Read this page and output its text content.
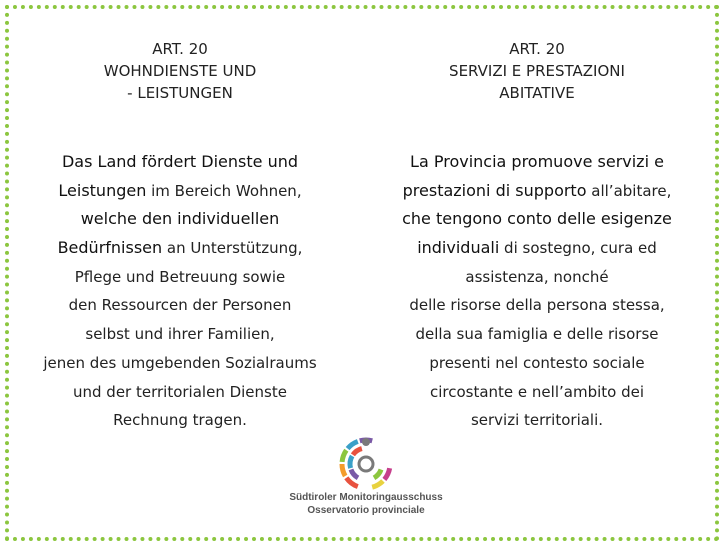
ART. 20
WOHNDIENSTE UND
- LEISTUNGEN
Das Land fördert Dienste und
Leistungen im Bereich Wohnen,
welche den individuellen
Bedürfnissen an Unterstützung,
Pflege und Betreuung sowie
den Ressourcen der Personen
selbst und ihrer Familien,
jenen des umgebenden Sozialraums
und der territorialen Dienste
Rechnung tragen.
ART. 20
SERVIZI E PRESTAZIONI
ABITATIVE
La Provincia promuove servizi e
prestazioni di supporto all’abitare,
che tengono conto delle esigenze
individuali di sostegno, cura ed
assistenza, nonché
delle risorse della persona stessa,
della sua famiglia e delle risorse
presenti nel contesto sociale
circostante e nell’ambito dei
servizi territoriali.
Südtiroler Monitoringausschuss
Osservatorio provinciale
